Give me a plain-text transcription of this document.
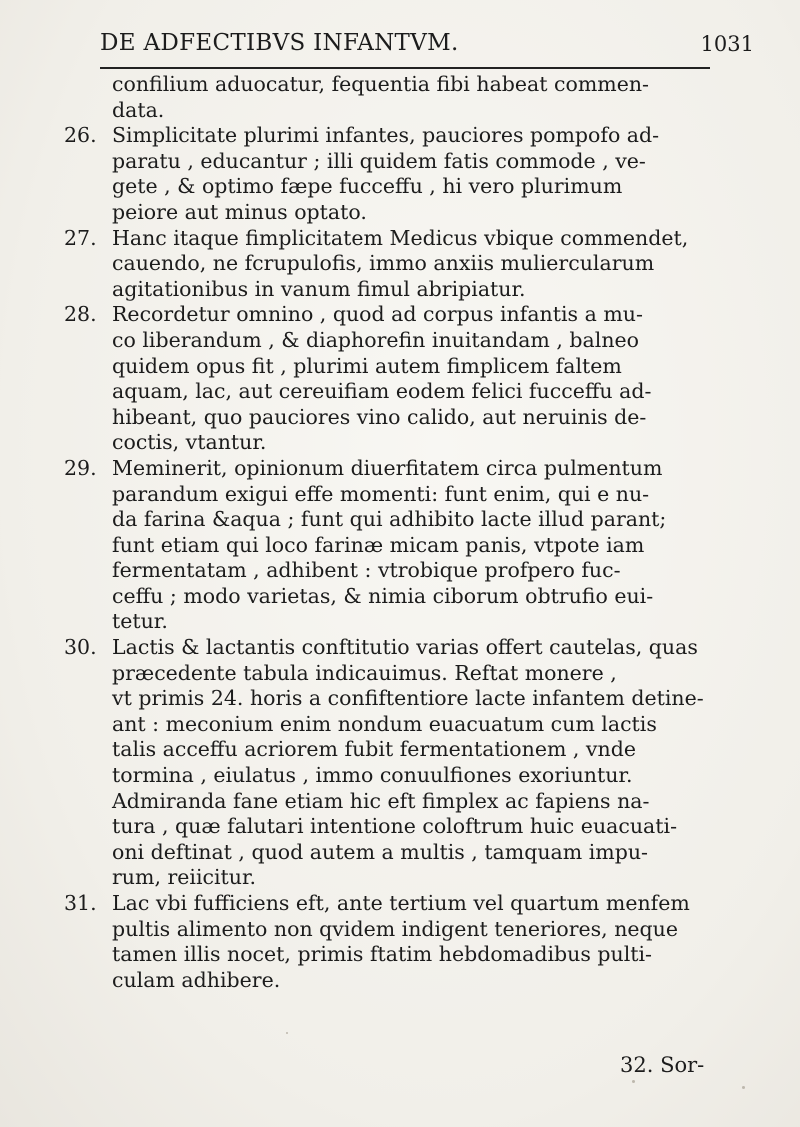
DE ADFECTIBVS INFANTVM.	1031
confilium aduocatur, fequentia fibi habeat commen-
data.
26. Simplicitate plurimi infantes, pauciores pompofo ad-
paratu , educantur ; illi quidem fatis commode , ve-
gete , & optimo fæpe fucceffu , hi vero plurimum
peiore aut minus optato.
27. Hanc itaque fimplicitatem Medicus vbique commendet,
cauendo, ne fcrupulofis, immo anxiis muliercularum
agitationibus in vanum fimul abripiatur.
28. Recordetur omnino , quod ad corpus infantis a mu-
co liberandum , & diaphorefin inuitandam , balneo
quidem opus fit , plurimi autem fimplicem faltem
aquam, lac, aut cereuifiam eodem felici fucceffu ad-
hibeant, quo pauciores vino calido, aut neruinis de-
coctis, vtantur.
29. Meminerit, opinionum diuerfitatem circa pulmentum
parandum exigui effe momenti: funt enim, qui e nu-
da farina &aqua ; funt qui adhibito lacte illud parant;
funt etiam qui loco farinæ micam panis, vtpote iam
fermentatam , adhibent : vtrobique profpero fuc-
ceffu ; modo varietas, & nimia ciborum obtrufio eui-
tetur.
30. Lactis & lactantis conftitutio varias offert cautelas, quas
præcedente tabula indicauimus. Reftat monere ,
vt primis 24. horis a confiftentiore lacte infantem detine-
ant : meconium enim nondum euacuatum cum lactis
talis acceffu acriorem fubit fermentationem , vnde
tormina , eiulatus , immo conuulfiones exoriuntur.
Admiranda fane etiam hic eft fimplex ac fapiens na-
tura , quæ falutari intentione coloftrum huic euacuati-
oni deftinat , quod autem a multis , tamquam impu-
rum, reiicitur.
31. Lac vbi fufficiens eft, ante tertium vel quartum menfem
pultis alimento non qvidem indigent teneriores, neque
tamen illis nocet, primis ftatim hebdomadibus pulti-
culam adhibere.
32. Sor-
